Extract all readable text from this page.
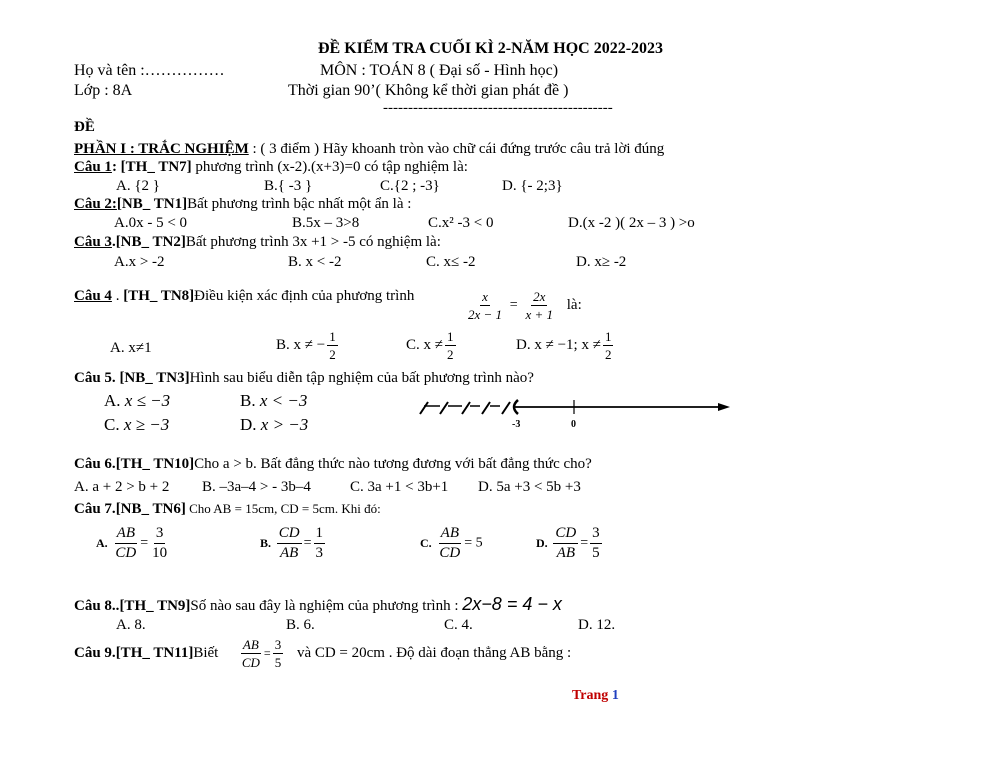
ĐỀ KIỂM TRA CUỐI KÌ 2-NĂM HỌC 2022-2023
Họ và tên :……………	MÔN : TOÁN 8 ( Đại số - Hình học)
Lớp : 8A	Thời gian 90’( Không kể thời gian phát đề )
----------------------------------------------
ĐỀ
PHẦN I : TRẮC NGHIỆM : ( 3 điểm ) Hãy khoanh tròn vào chữ cái đứng trước câu trả lời đúng
Câu 1: [TH_ TN7] phương trình (x-2).(x+3)=0 có tập nghiệm là:
A. {2 }	B.{ -3 }	C.{2 ; -3}	D. {- 2;3}
Câu 2:[NB_ TN1]Bất phương trình bậc nhất một ẩn là :
A.0x - 5 < 0	B.5x – 3>8	C.x² -3 < 0	D.(x -2 )( 2x – 3 ) >o
Câu 3.[NB_ TN2]Bất phương trình 3x +1 > -5 có nghiệm là:
A.x > -2	B. x < -2	C. x≤ -2	D. x≥ -2
Câu 4 . [TH_ TN8]Điều kiện xác định của phương trình	$\frac{x}{2x - 1} = \frac{2x}{x + 1}$ là:
A. x≠1	B. x ≠ − $\frac{1}{2}$	C. $x \ne \frac{1}{2}$	D. x ≠ −1; $x \ne \frac{1}{2}$
Câu 5. [NB_ TN3]Hình sau biểu diễn tập nghiệm của bất phương trình nào?
A. x ≤ −3	B. x < −3
C. x ≥ −3	D. x > −3	-3	0
Câu 6.[TH_ TN10]Cho a > b. Bất đẳng thức nào tương đương với bất đẳng thức cho?
A. a + 2 > b + 2 B. –3a–4 > - 3b–4	C. 3a +1 < 3b+1 D. 5a +3 < 5b +3
Câu 7.[NB_ TN6] Cho AB = 15cm, CD = 5cm. Khi đó:
A. $\frac{AB}{CD} = \frac{3}{10}$	B. $\frac{CD}{AB} = \frac{1}{3}$	C. $\frac{AB}{CD} = 5$	D. $\frac{CD}{AB} = \frac{3}{5}$
Câu 8..[TH_ TN9]Số nào sau đây là nghiệm của phương trình : 2x−8 = 4 − x
A. 8.	B. 6.	C. 4.	D. 12.
Câu 9.[TH_ TN11]Biết $\frac{AB}{CD} = \frac{3}{5}$ và CD = 20cm . Độ dài đoạn thẳng AB bằng :
Trang 1
